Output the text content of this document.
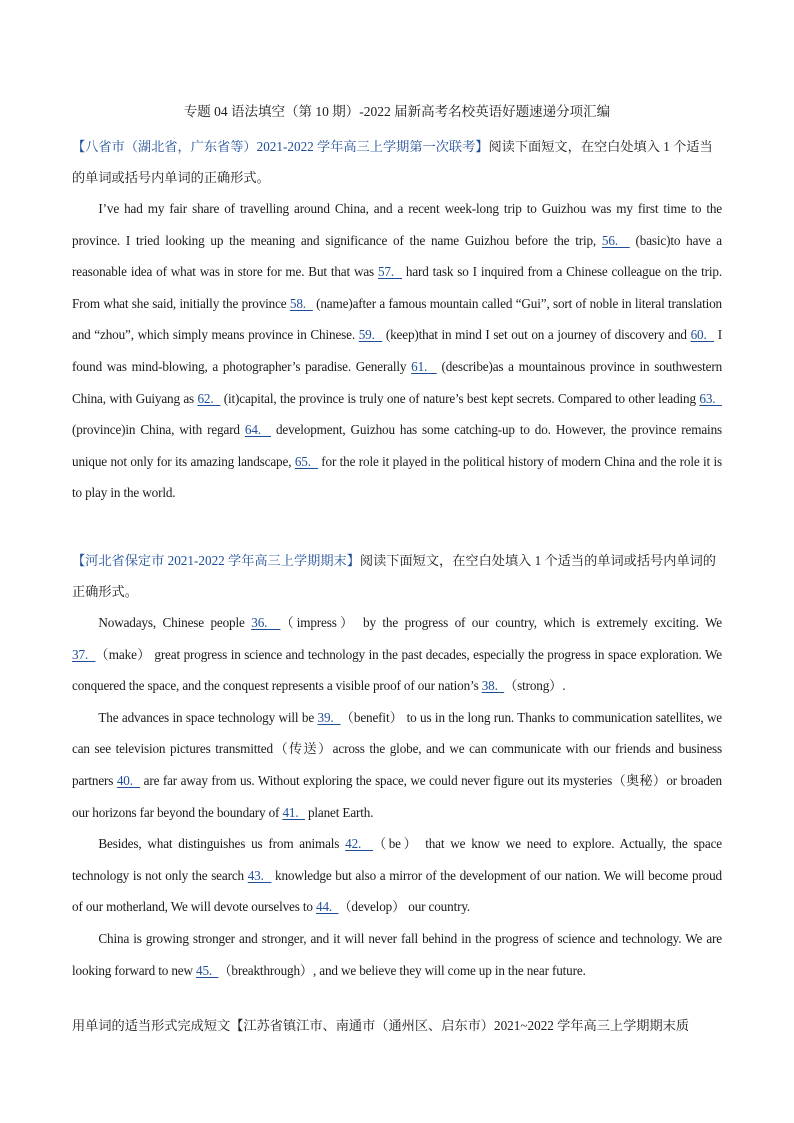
专题 04 语法填空（第 10 期）-2022 届新高考名校英语好题速递分项汇编
【八省市（湖北省，广东省等）2021-2022 学年高三上学期第一次联考】阅读下面短文，在空白处填入 1 个适当的单词或括号内单词的正确形式。
I’ve had my fair share of travelling around China, and a recent week-long trip to Guizhou was my first time to the province. I tried looking up the meaning and significance of the name Guizhou before the trip, 56. (basic)to have a reasonable idea of what was in store for me. But that was 57. hard task so I inquired from a Chinese colleague on the trip. From what she said, initially the province 58. (name)after a famous mountain called “Gui”, sort of noble in literal translation and “zhou”, which simply means province in Chinese. 59. (keep)that in mind I set out on a journey of discovery and 60. I found was mind-blowing, a photographer’s paradise. Generally 61. (describe)as a mountainous province in southwestern China, with Guiyang as 62. (it)capital, the province is truly one of nature’s best kept secrets. Compared to other leading 63. (province)in China, with regard 64. development, Guizhou has some catching-up to do. However, the province remains unique not only for its amazing landscape, 65. for the role it played in the political history of modern China and the role it is to play in the world.
【河北省保定市 2021-2022 学年高三上学期期末】阅读下面短文，在空白处填入 1 个适当的单词或括号内单词的正确形式。
Nowadays, Chinese people 36. （impress） by the progress of our country, which is extremely exciting. We 37. （make） great progress in science and technology in the past decades, especially the progress in space exploration. We conquered the space, and the conquest represents a visible proof of our nation’s 38. （strong）.
The advances in space technology will be 39. （benefit） to us in the long run. Thanks to communication satellites, we can see television pictures transmitted（传送）across the globe, and we can communicate with our friends and business partners 40. are far away from us. Without exploring the space, we could never figure out its mysteries（奥秘）or broaden our horizons far beyond the boundary of 41. planet Earth.
Besides, what distinguishes us from animals 42. （be） that we know we need to explore. Actually, the space technology is not only the search 43. knowledge but also a mirror of the development of our nation. We will become proud of our motherland, We will devote ourselves to 44. （develop） our country.
China is growing stronger and stronger, and it will never fall behind in the progress of science and technology. We are looking forward to new 45. （breakthrough）, and we believe they will come up in the near future.
用单词的适当形式完成短文【江苏省镇江市、南通市（通州区、启东市）2021~2022 学年高三上学期期末质
